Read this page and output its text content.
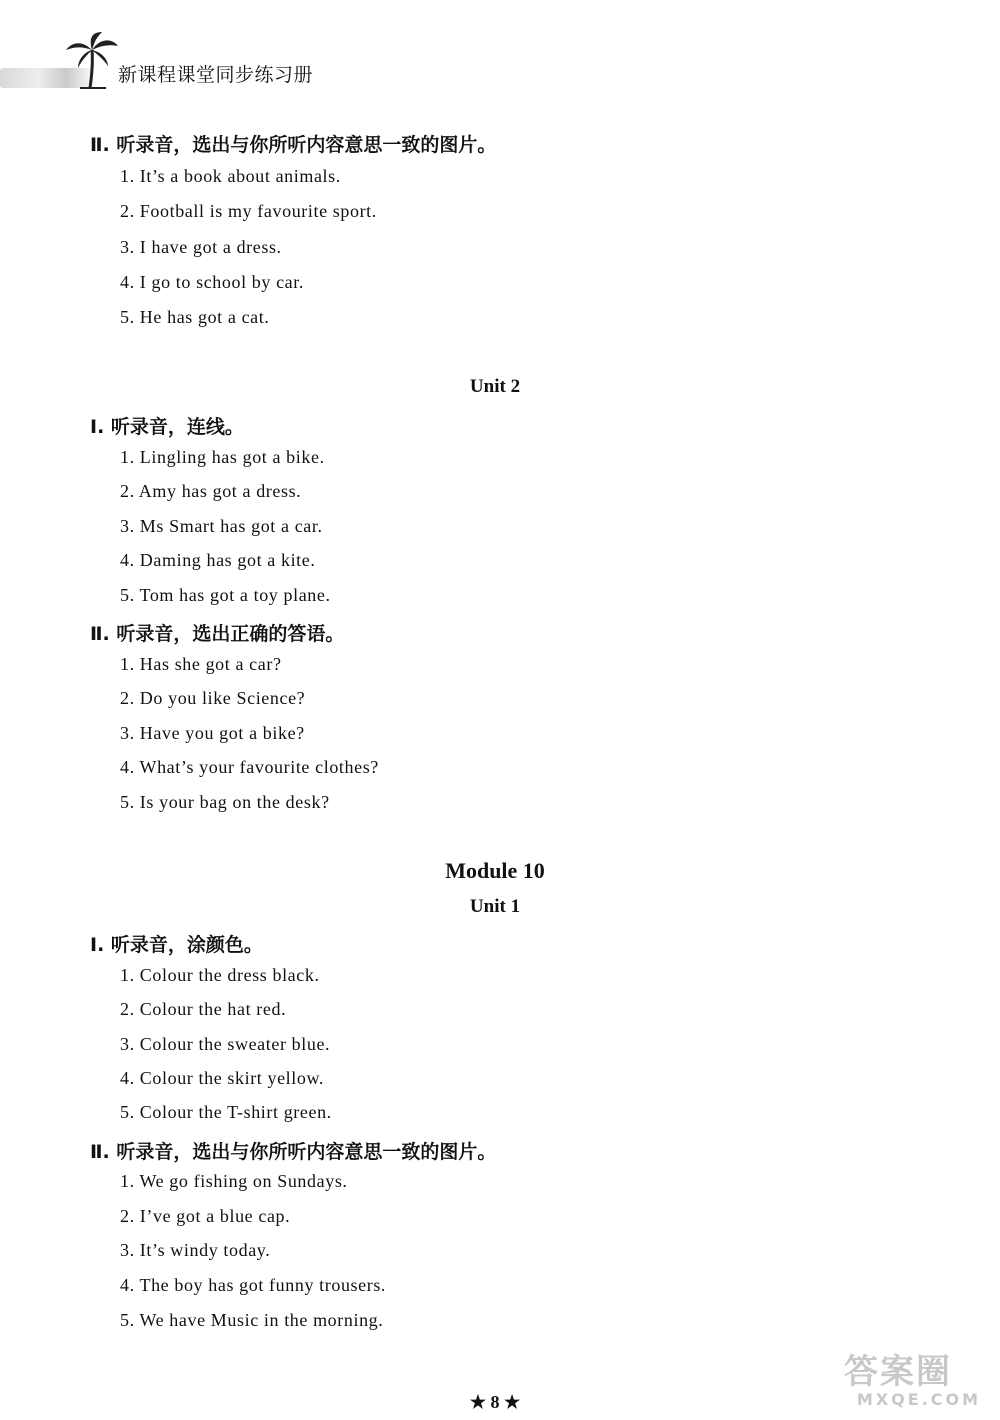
新课程课堂同步练习册
Ⅱ. 听录音，选出与你所听内容意思一致的图片。
1. It’s a book about animals.
2. Football is my favourite sport.
3. I have got a dress.
4. I go to school by car.
5. He has got a cat.
Unit 2
Ⅰ. 听录音，连线。
1. Lingling has got a bike.
2. Amy has got a dress.
3. Ms Smart has got a car.
4. Daming has got a kite.
5. Tom has got a toy plane.
Ⅱ. 听录音，选出正确的答语。
1. Has she got a car?
2. Do you like Science?
3. Have you got a bike?
4. What’s your favourite clothes?
5. Is your bag on the desk?
Module 10
Unit 1
Ⅰ. 听录音，涂颜色。
1. Colour the dress black.
2. Colour the hat red.
3. Colour the sweater blue.
4. Colour the skirt yellow.
5. Colour the T-shirt green.
Ⅱ. 听录音，选出与你所听内容意思一致的图片。
1. We go fishing on Sundays.
2. I’ve got a blue cap.
3. It’s windy today.
4. The boy has got funny trousers.
5. We have Music in the morning.
★ 8 ★
答案圈
MXQE.COM
